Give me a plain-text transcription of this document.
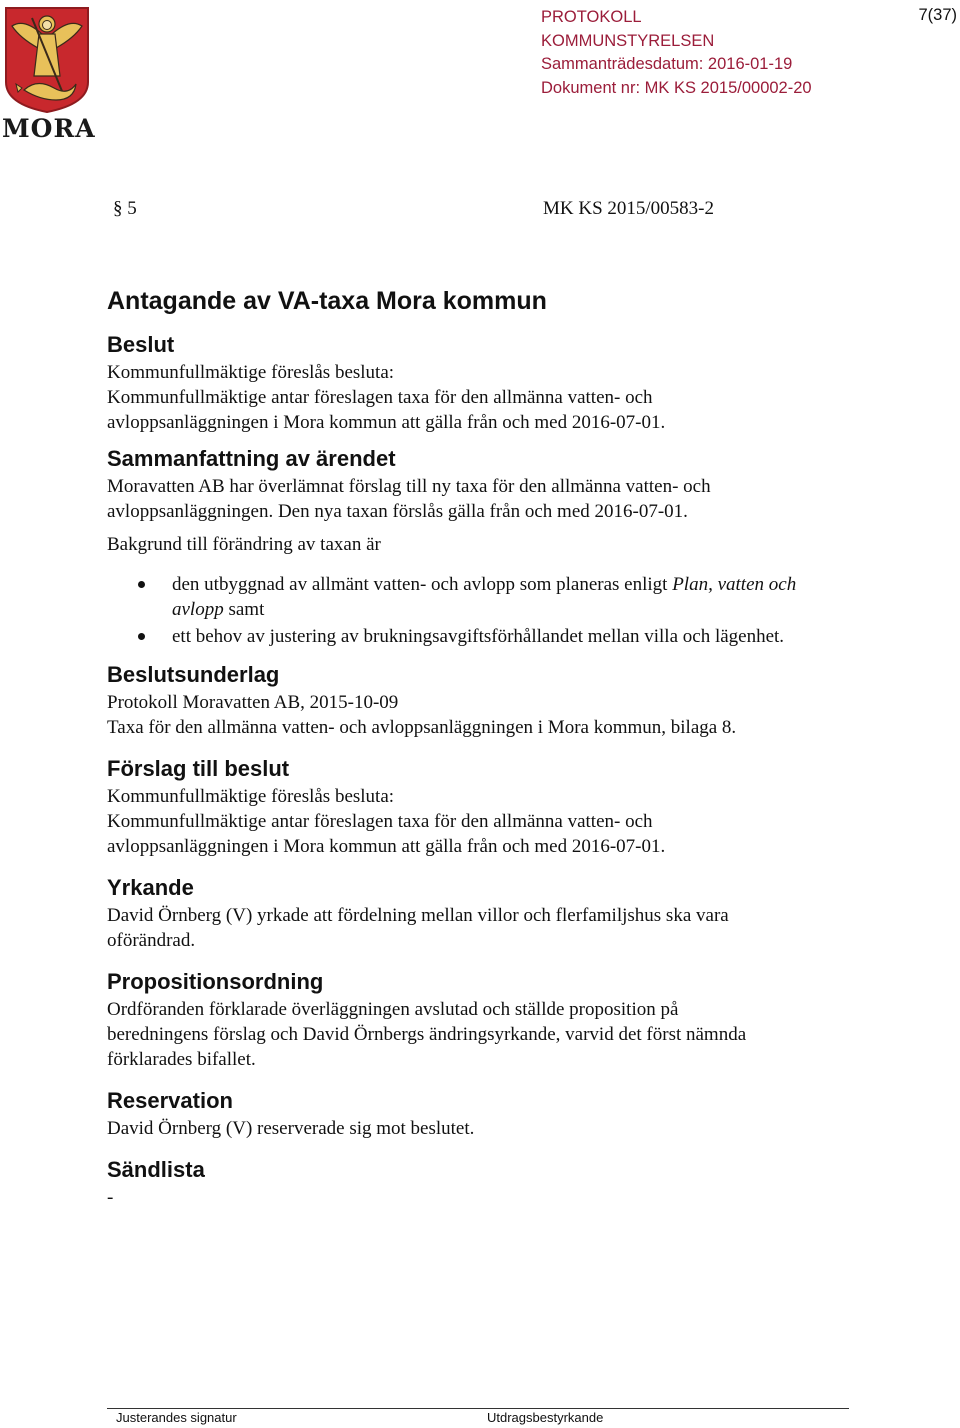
MORA
PROTOKOLL
KOMMUNSTYRELSEN
Sammanträdesdatum: 2016-01-19
Dokument nr: MK KS 2015/00002-20
7(37)
§ 5	MK KS 2015/00583-2
Antagande av VA-taxa Mora kommun
Beslut

Kommunfullmäktige föreslås besluta:

Kommunfullmäktige antar föreslagen taxa för den allmänna vatten- och

avloppsanläggningen i Mora kommun att gälla från och med 2016-07-01.

Sammanfattning av ärendet

Moravatten AB har överlämnat förslag till ny taxa för den allmänna vatten- och

avloppsanläggningen. Den nya taxan förslås gälla från och med 2016-07-01.

Bakgrund till förändring av taxan är

den utbyggnad av allmänt vatten- och avlopp som planeras enligt Plan, vatten och avlopp samt
ett behov av justering av brukningsavgiftsförhållandet mellan villa och lägenhet.
Beslutsunderlag

Protokoll Moravatten AB, 2015-10-09

Taxa för den allmänna vatten- och avloppsanläggningen i Mora kommun, bilaga 8.

Förslag till beslut

Kommunfullmäktige föreslås besluta:

Kommunfullmäktige antar föreslagen taxa för den allmänna vatten- och

avloppsanläggningen i Mora kommun att gälla från och med 2016-07-01.

Yrkande

David Örnberg (V) yrkade att fördelning mellan villor och flerfamiljshus ska vara

oförändrad.

Propositionsordning

Ordföranden förklarade överläggningen avslutad och ställde proposition på

beredningens förslag och David Örnbergs ändringsyrkande, varvid det först nämnda

förklarades bifallet.

Reservation

David Örnberg (V) reserverade sig mot beslutet.

Sändlista

-

Justerandes signatur	Utdragsbestyrkande
